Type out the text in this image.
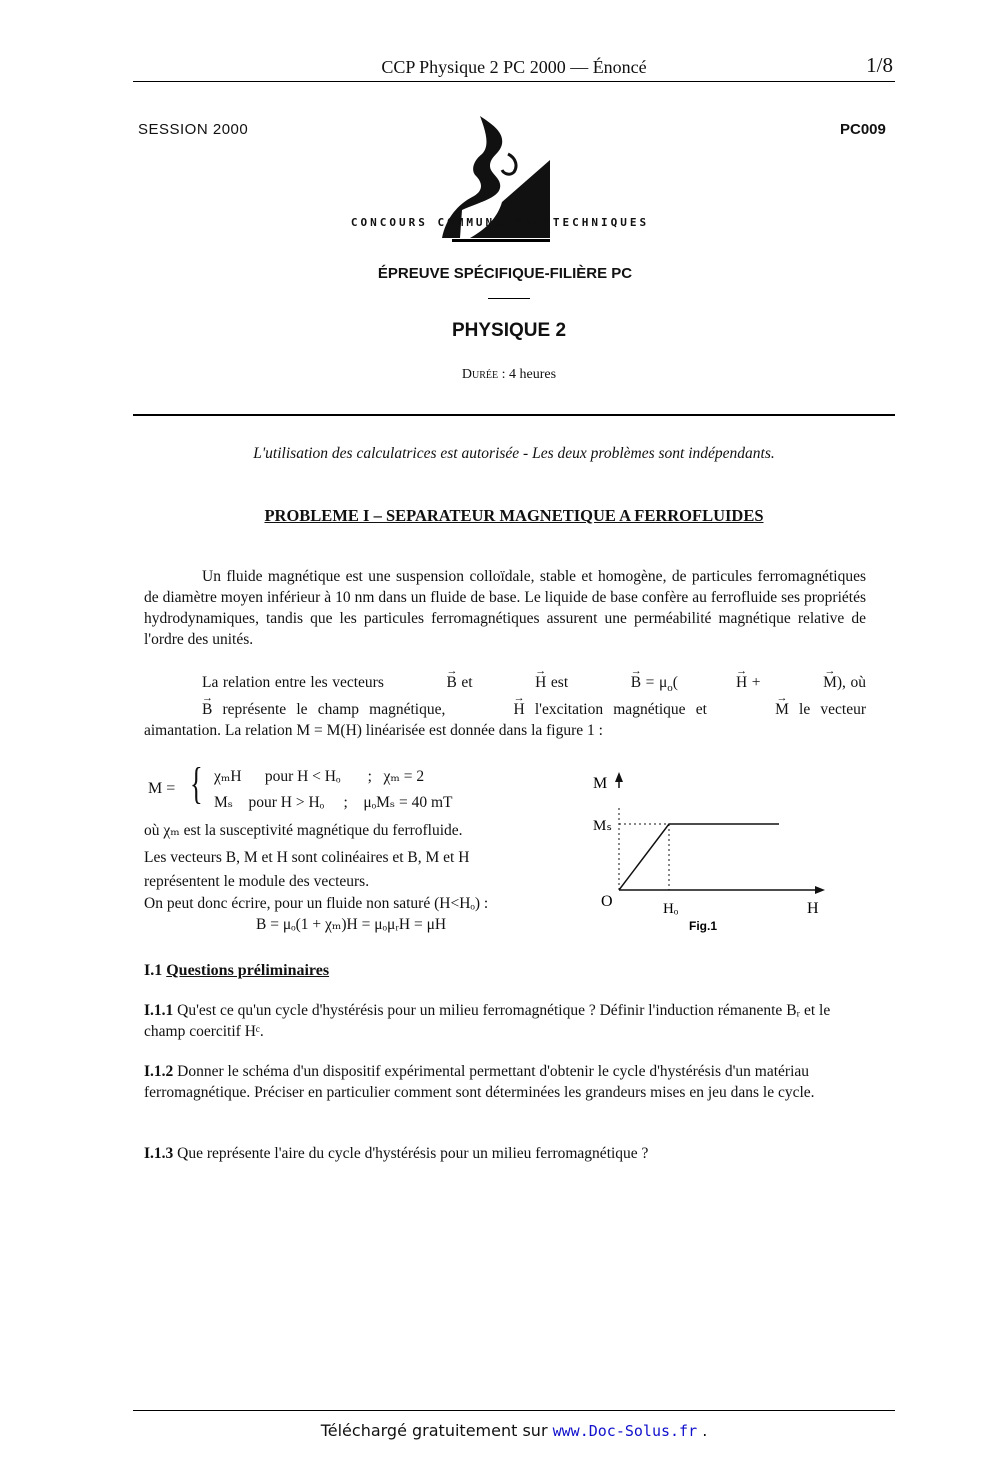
CCP Physique 2 PC 2000 — Énoncé	1/8
SESSION 2000	PC009
CONCOURS COMMUNS POLYTECHNIQUES
ÉPREUVE SPÉCIFIQUE-FILIÈRE PC
PHYSIQUE 2
Durée : 4 heures
L'utilisation des calculatrices est autorisée - Les deux problèmes sont indépendants.
PROBLEME I – SEPARATEUR MAGNETIQUE A FERROFLUIDES
Un fluide magnétique est une suspension colloïdale, stable et homogène, de particules ferromagnétiques de diamètre moyen inférieur à 10 nm dans un fluide de base. Le liquide de base confère au ferrofluide ses propriétés hydrodynamiques, tandis que les particules ferromagnétiques assurent une perméabilité magnétique relative de l'ordre des unités.
La relation entre les vecteurs →	B et →	H est →	$B = \mu_o(\to$	H + →	M), où → B représente le champ magnétique, →	H l'excitation magnétique et →	M le vecteur aimantation. La relation M = M(H) linéarisée est donnée dans la figure 1 :
M = { χₘH      pour H < Hₒ       ;   χₘ = 2
Mₛ    pour H > Hₒ     ;    μₒMₛ = 40 mT
où χₘ est la susceptivité magnétique du ferrofluide.
Les vecteurs B, M et H sont colinéaires et B, M et H
représentent le module des vecteurs.
On peut donc écrire, pour un fluide non saturé (H<Hₒ) :
B = μₒ(1 + χₘ)H = μₒμᵣH = μH
M
Mₛ
O	Hₒ	H
Fig.1
I.1 Questions préliminaires
I.1.1 Qu'est ce qu'un cycle d'hystérésis pour un milieu ferromagnétique ? Définir l'induction rémanente Bᵣ et le champ coercitif Hᶜ.
I.1.2 Donner le schéma d'un dispositif expérimental permettant d'obtenir le cycle d'hystérésis d'un matériau ferromagnétique. Préciser en particulier comment sont déterminées les grandeurs mises en jeu dans le cycle.
I.1.3 Que représente l'aire du cycle d'hystérésis pour un milieu ferromagnétique ?
Téléchargé gratuitement sur www.Doc-Solus.fr .
